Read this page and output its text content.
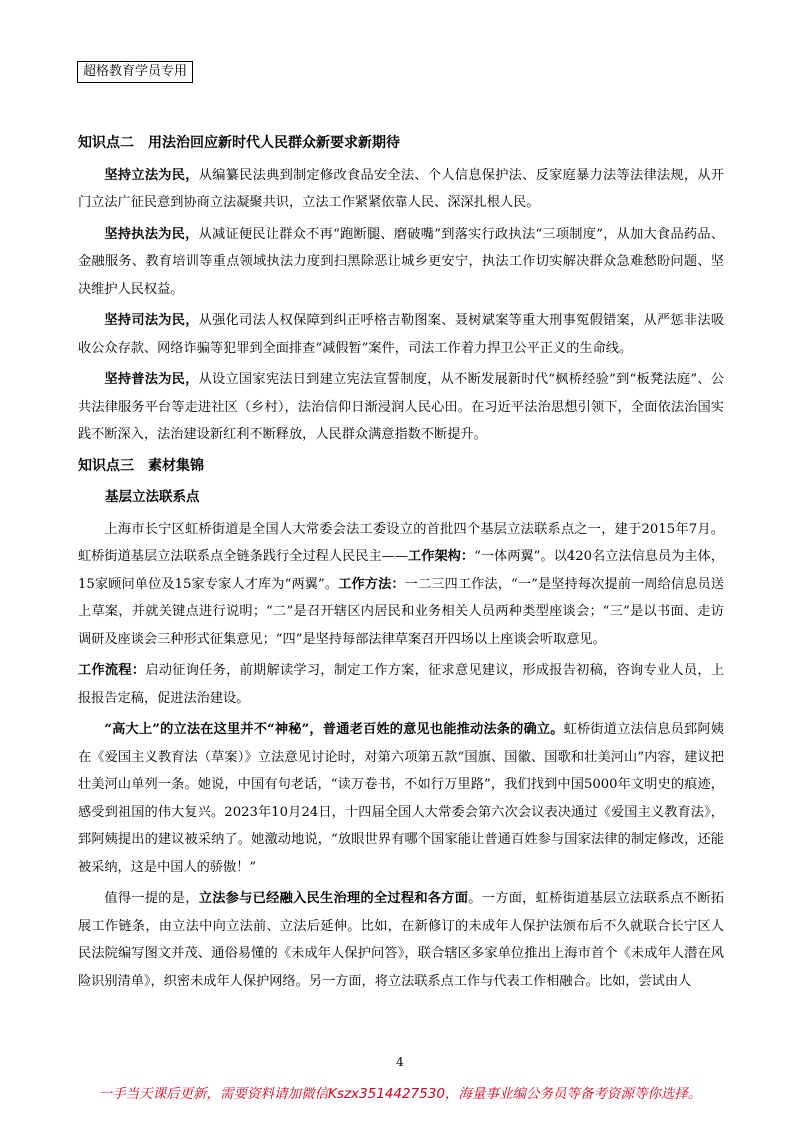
超格教育学员专用

知识点二　用法治回应新时代人民群众新要求新期待

坚持立法为民，从编纂民法典到制定修改食品安全法、个人信息保护法、反家庭暴力法等法律法规，从开门立法广征民意到协商立法凝聚共识，立法工作紧紧依靠人民、深深扎根人民。

坚持执法为民，从减证便民让群众不再“跑断腿、磨破嘴”到落实行政执法“三项制度”，从加大食品药品、金融服务、教育培训等重点领域执法力度到扫黑除恶让城乡更安宁，执法工作切实解决群众急难愁盼问题、坚决维护人民权益。

坚持司法为民，从强化司法人权保障到纠正呼格吉勒图案、聂树斌案等重大刑事冤假错案，从严惩非法吸收公众存款、网络诈骗等犯罪到全面排查“减假暂”案件，司法工作着力捍卫公平正义的生命线。

坚持普法为民，从设立国家宪法日到建立宪法宣誓制度，从不断发展新时代“枫桥经验”到“板凳法庭”、公共法律服务平台等走进社区（乡村），法治信仰日渐浸润人民心田。在习近平法治思想引领下，全面依法治国实践不断深入，法治建设新红利不断释放，人民群众满意指数不断提升。

知识点三　素材集锦

基层立法联系点

上海市长宁区虹桥街道是全国人大常委会法工委设立的首批四个基层立法联系点之一，建于2015年7月。虹桥街道基层立法联系点全链条践行全过程人民民主——工作架构：“一体两翼”。以420名立法信息员为主体，15家顾问单位及15家专家人才库为“两翼”。工作方法：一二三四工作法，“一”是坚持每次提前一周给信息员送上草案，并就关键点进行说明；“二”是召开辖区内居民和业务相关人员两种类型座谈会；“三”是以书面、走访调研及座谈会三种形式征集意见；“四”是坚持每部法律草案召开四场以上座谈会听取意见。

工作流程：启动征询任务，前期解读学习，制定工作方案，征求意见建议，形成报告初稿，咨询专业人员，上报报告定稿，促进法治建设。

“高大上”的立法在这里并不“神秘”，普通老百姓的意见也能推动法条的确立。虹桥街道立法信息员郅阿姨在《爱国主义教育法（草案）》立法意见讨论时，对第六项第五款“国旗、国徽、国歌和壮美河山”内容，建议把壮美河山单列一条。她说，中国有句老话，“读万卷书，不如行万里路”，我们找到中国5000年文明史的痕迹，感受到祖国的伟大复兴。2023年10月24日，十四届全国人大常委会第六次会议表决通过《爱国主义教育法》，郅阿姨提出的建议被采纳了。她激动地说，“放眼世界有哪个国家能让普通百姓参与国家法律的制定修改，还能被采纳，这是中国人的骄傲！”

值得一提的是，立法参与已经融入民生治理的全过程和各方面。一方面，虹桥街道基层立法联系点不断拓展工作链条，由立法中向立法前、立法后延伸。比如，在新修订的未成年人保护法颁布后不久就联合长宁区人民法院编写图文并茂、通俗易懂的《未成年人保护问答》，联合辖区多家单位推出上海市首个《未成年人潜在风险识别清单》，织密未成年人保护网络。另一方面，将立法联系点工作与代表工作相融合。比如，尝试由人

4
一手当天课后更新，需要资料请加微信Kszx3514427530，海量事业编公务员等备考资源等你选择。
